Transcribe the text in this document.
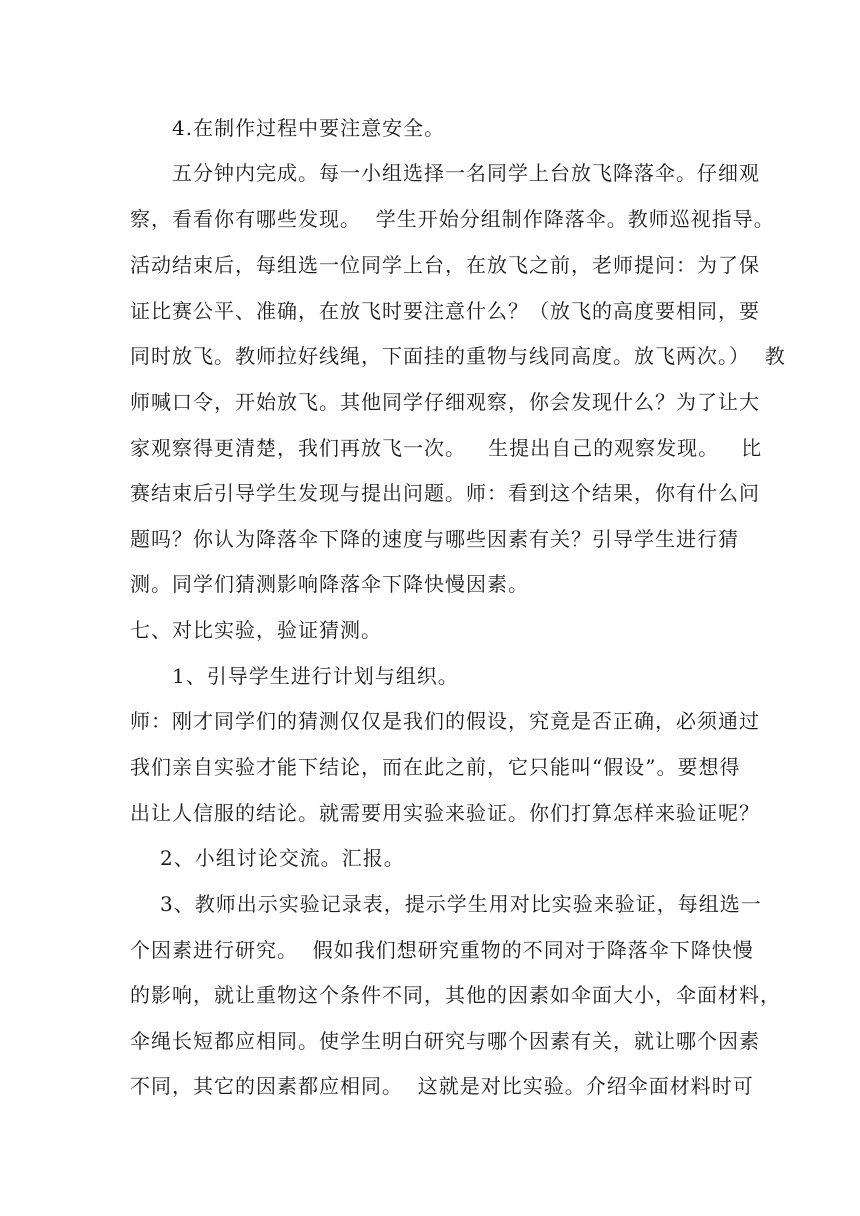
4.在制作过程中要注意安全。
五分钟内完成。每一小组选择一名同学上台放飞降落伞。仔细观
察，看看你有哪些发现。  学生开始分组制作降落伞。教师巡视指导。
活动结束后，每组选一位同学上台，在放飞之前，老师提问：为了保
证比赛公平、准确，在放飞时要注意什么？（放飞的高度要相同，要
同时放飞。教师拉好线绳，下面挂的重物与线同高度。放飞两次。）  教
师喊口令，开始放飞。其他同学仔细观察，你会发现什么？为了让大
家观察得更清楚，我们再放飞一次。   生提出自己的观察发现。   比
赛结束后引导学生发现与提出问题。师：看到这个结果，你有什么问
题吗？你认为降落伞下降的速度与哪些因素有关？引导学生进行猜
测。同学们猜测影响降落伞下降快慢因素。
七、对比实验，验证猜测。
1、引导学生进行计划与组织。
师：刚才同学们的猜测仅仅是我们的假设，究竟是否正确，必须通过
我们亲自实验才能下结论，而在此之前，它只能叫“假设”。要想得
出让人信服的结论。就需要用实验来验证。你们打算怎样来验证呢？
2、小组讨论交流。汇报。
3、教师出示实验记录表，提示学生用对比实验来验证，每组选一
个因素进行研究。  假如我们想研究重物的不同对于降落伞下降快慢
的影响，就让重物这个条件不同，其他的因素如伞面大小，伞面材料，
伞绳长短都应相同。使学生明白研究与哪个因素有关，就让哪个因素
不同，其它的因素都应相同。  这就是对比实验。介绍伞面材料时可
